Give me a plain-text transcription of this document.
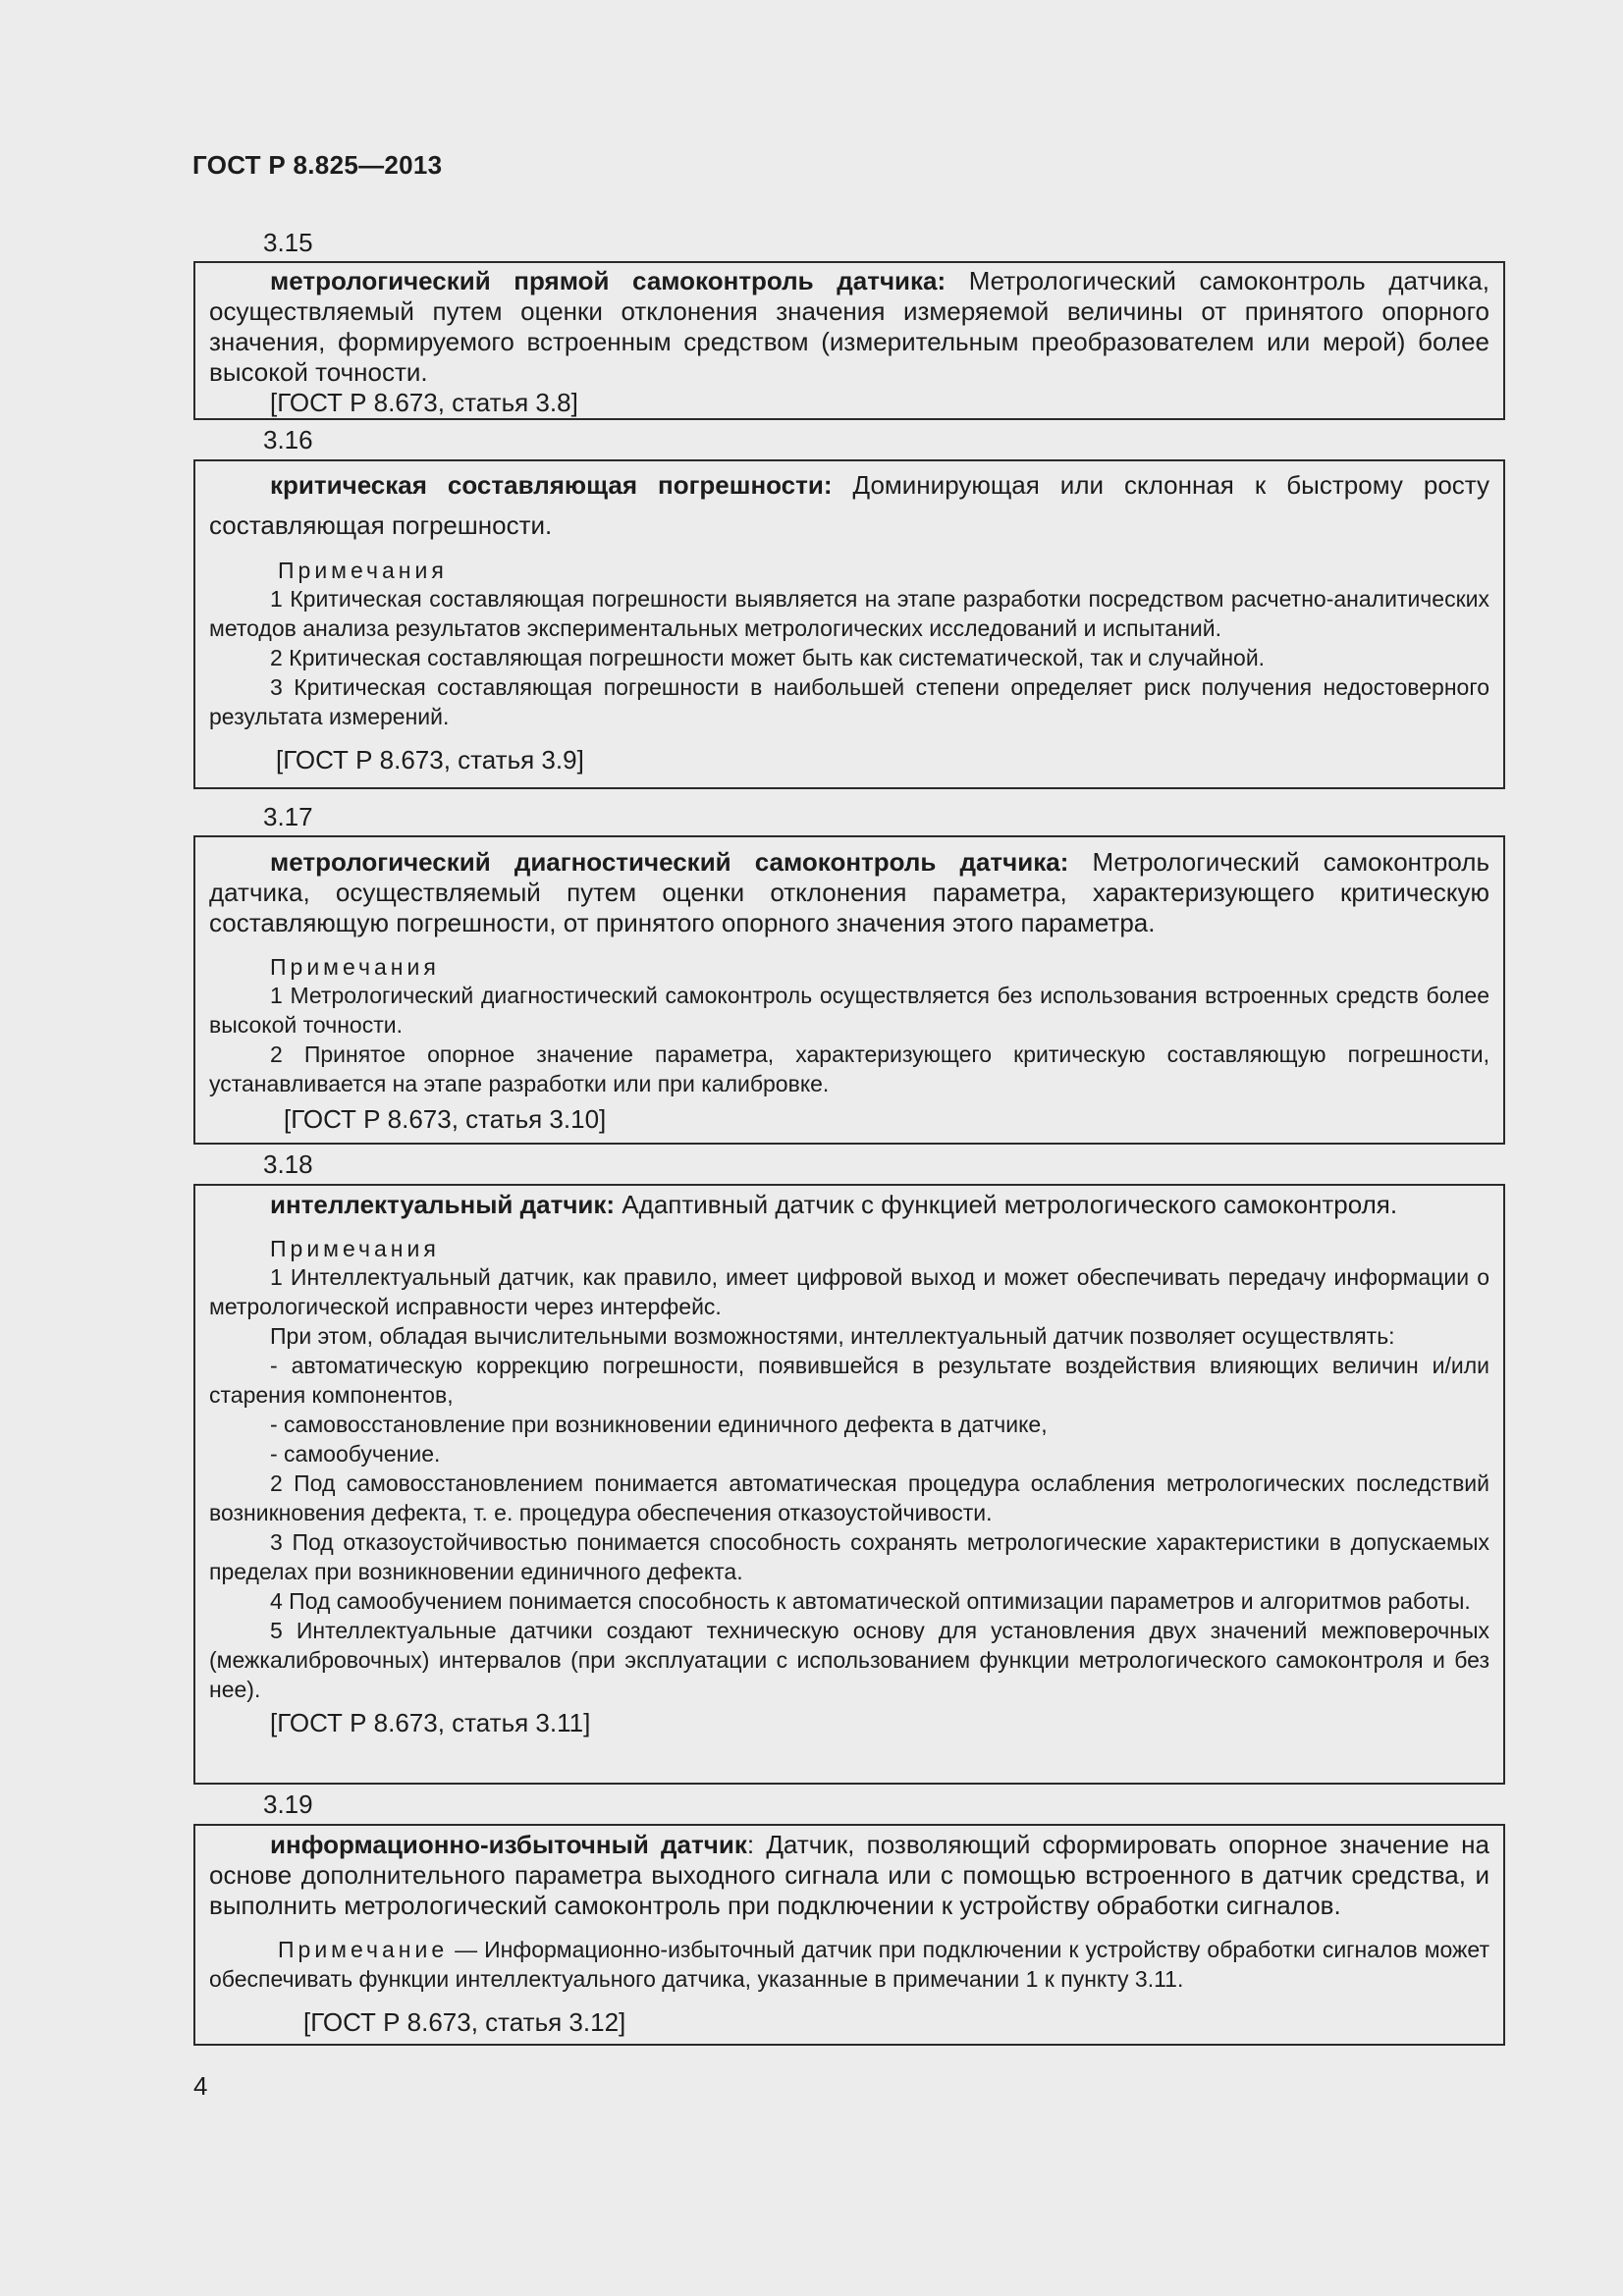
ГОСТ Р 8.825—2013
3.15

метрологический прямой самоконтроль датчика: Метрологический самоконтроль датчика, осуществляемый путем оценки отклонения значения измеряемой величины от принятого опорного значения, формируемого встроенным средством (измерительным преобразователем или мерой) более высокой точности.

[ГОСТ Р 8.673, статья 3.8]

3.16

критическая составляющая погрешности: Доминирующая или склонная к быстрому росту составляющая погрешности.

Примечания

1 Критическая составляющая погрешности выявляется на этапе разработки посредством расчетно-аналитических методов анализа результатов экспериментальных метрологических исследований и испытаний.

2 Критическая составляющая погрешности может быть как систематической, так и случайной.

3 Критическая составляющая погрешности в наибольшей степени определяет риск получения недостоверного результата измерений.

[ГОСТ Р 8.673, статья 3.9]

3.17

метрологический диагностический самоконтроль датчика: Метрологический самоконтроль датчика, осуществляемый путем оценки отклонения параметра, характеризующего критическую составляющую погрешности, от принятого опорного значения этого параметра.

Примечания

1 Метрологический диагностический самоконтроль осуществляется без использования встроенных средств более высокой точности.

2 Принятое опорное значение параметра, характеризующего критическую составляющую погрешности, устанавливается на этапе разработки или при калибровке.

[ГОСТ Р 8.673, статья 3.10]

3.18

интеллектуальный датчик: Адаптивный датчик с функцией метрологического самоконтроля.

Примечания

1 Интеллектуальный датчик, как правило, имеет цифровой выход и может обеспечивать передачу информации о метрологической исправности через интерфейс.

При этом, обладая вычислительными возможностями, интеллектуальный датчик позволяет осуществлять:

- автоматическую коррекцию погрешности, появившейся в результате воздействия влияющих величин и/или старения компонентов,

- самовосстановление при возникновении единичного дефекта в датчике,

- самообучение.

2 Под самовосстановлением понимается автоматическая процедура ослабления метрологических последствий возникновения дефекта, т. е. процедура обеспечения отказоустойчивости.

3 Под отказоустойчивостью понимается способность сохранять метрологические характеристики в допускаемых пределах при возникновении единичного дефекта.

4 Под самообучением понимается способность к автоматической оптимизации параметров и алгоритмов работы.

5 Интеллектуальные датчики создают техническую основу для установления двух значений межповерочных (межкалибровочных) интервалов (при эксплуатации с использованием функции метрологического самоконтроля и без нее).

[ГОСТ Р 8.673, статья 3.11]

3.19

информационно-избыточный датчик: Датчик, позволяющий сформировать опорное значение на основе дополнительного параметра выходного сигнала или с помощью встроенного в датчик средства, и выполнить метрологический самоконтроль при подключении к устройству обработки сигналов.

Примечание — Информационно-избыточный датчик при подключении к устройству обработки сигналов может обеспечивать функции интеллектуального датчика, указанные в примечании 1 к пункту 3.11.

[ГОСТ Р 8.673, статья 3.12]

4
